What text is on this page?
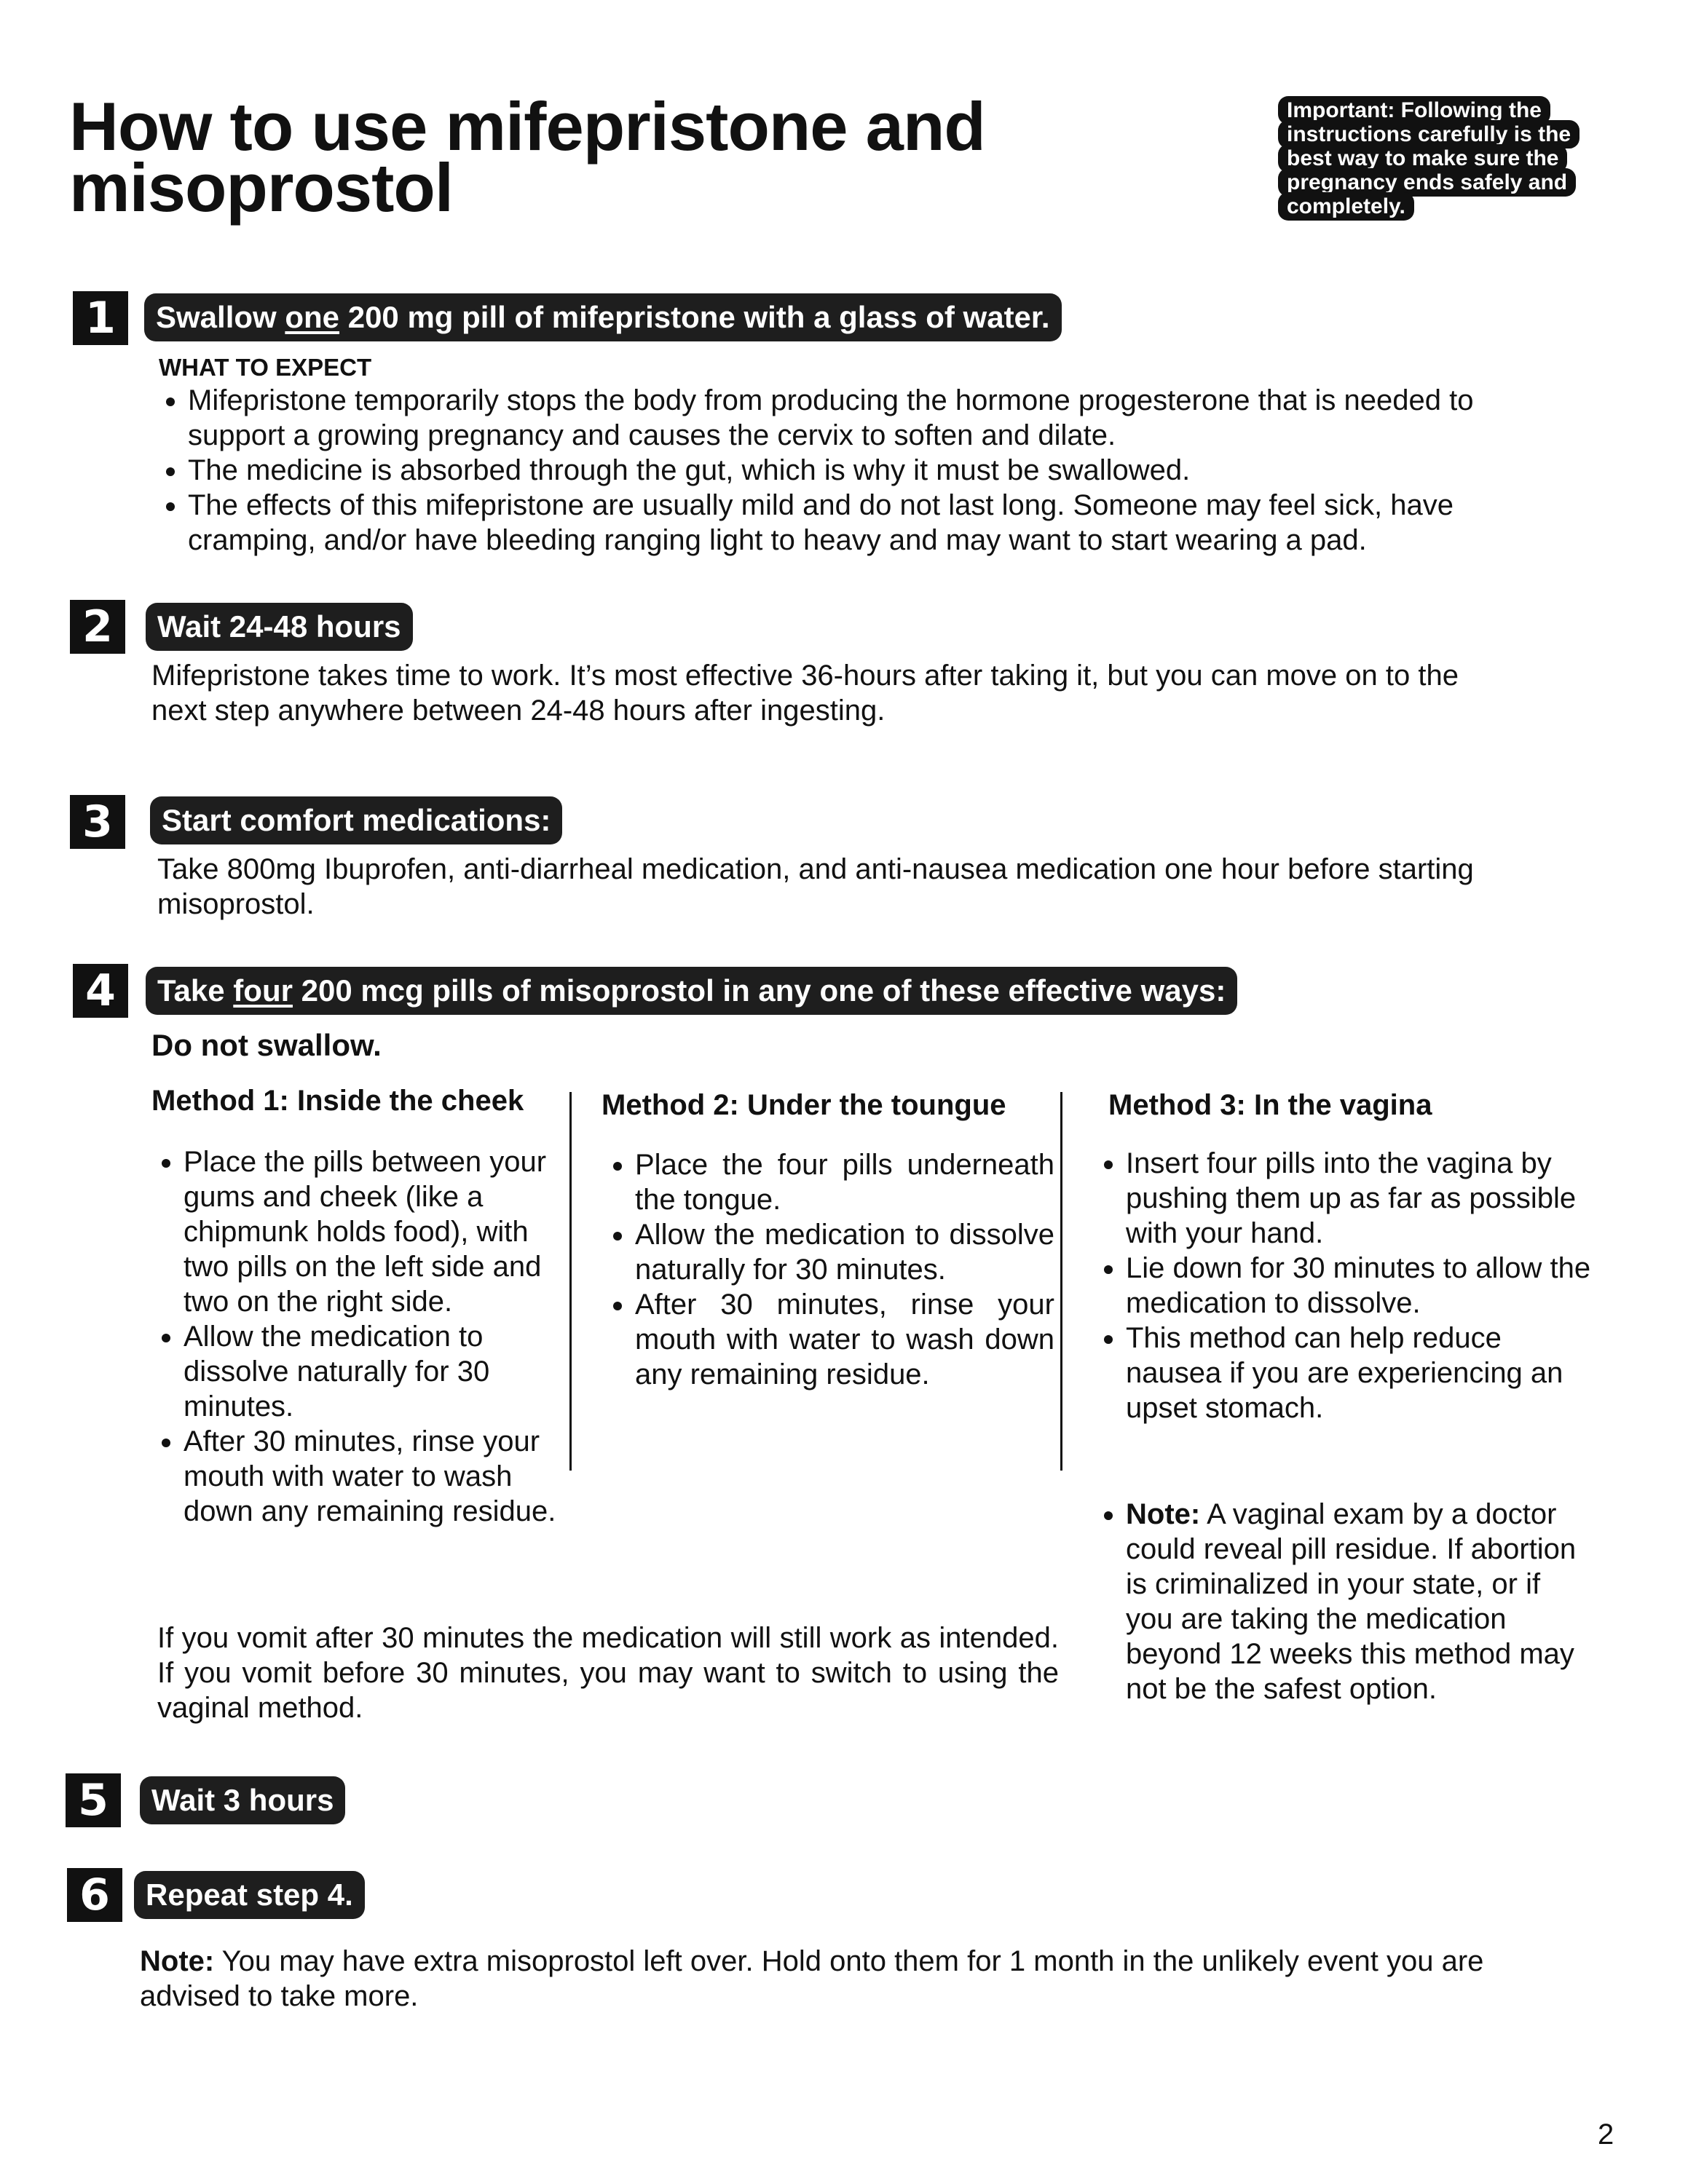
How to use mifepristone and misoprostol
Important: Following the instructions carefully is the best way to make sure the pregnancy ends safely and completely.
1	Swallow one 200 mg pill of mifepristone with a glass of water.
WHAT TO EXPECT
• Mifepristone temporarily stops the body from producing the hormone progesterone that is needed to support a growing pregnancy and causes the cervix to soften and dilate.
• The medicine is absorbed through the gut, which is why it must be swallowed.
• The effects of this mifepristone are usually mild and do not last long. Someone may feel sick, have cramping, and/or have bleeding ranging light to heavy and may want to start wearing a pad.
2	Wait 24-48 hours

Mifepristone takes time to work. It’s most effective 36-hours after taking it, but you can move on to the next step anywhere between 24-48 hours after ingesting.

3	Start comfort medications:

Take 800mg Ibuprofen, anti-diarrheal medication, and anti-nausea medication one hour before starting misoprostol.

4	Take four 200 mcg pills of misoprostol in any one of these effective ways:
Do not swallow.
Method 1: Inside the cheek
• Place the pills between your gums and cheek (like a chipmunk holds food), with two pills on the left side and two on the right side.
• Allow the medication to dissolve naturally for 30 minutes.
• After 30 minutes, rinse your mouth with water to wash down any remaining residue.
Method 2: Under the toungue
• Place the four pills underneath the tongue.
• Allow the medication to dissolve naturally for 30 minutes.
• After 30 minutes, rinse your mouth with water to wash down any remaining residue.
Method 3: In the vagina
• Insert four pills into the vagina by pushing them up as far as possible with your hand.
• Lie down for 30 minutes to allow the medication to dissolve.
• This method can help reduce nausea if you are experiencing an upset stomach.
• Note: A vaginal exam by a doctor could reveal pill residue. If abortion is criminalized in your state, or if you are taking the medication beyond 12 weeks this method may not be the safest option.

If you vomit after 30 minutes the medication will still work as intended. If you vomit before 30 minutes, you may want to switch to using the vaginal method.

5	Wait 3 hours
6	Repeat step 4.

Note: You may have extra misoprostol left over. Hold onto them for 1 month in the unlikely event you are advised to take more.

2
